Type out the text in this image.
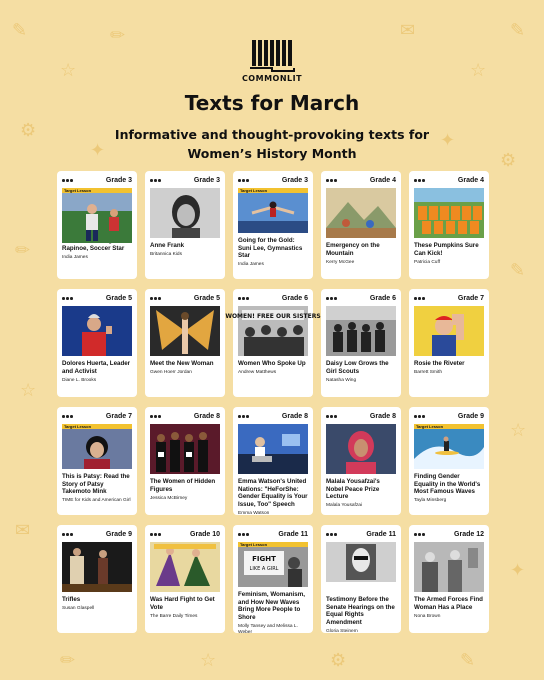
✎
☆
✏
⚙
✦
✉
☆
✎
✦
⚙
✏
☆
✉
✎
☆
✦
✏	☆	⚙	✎
COMMONLIT
Texts for March
Informative and thought-provoking texts for
Women’s History Month
Grade 3
Target Lesson
Rapinoe, Soccer Star
India James
Grade 3
Anne Frank
Britannica Kids
Grade 3
Target Lesson
Going for the Gold: Suni Lee, Gymnastics Star
India James
Grade 4
Emergency on the Mountain
Kerry McGee
Grade 4
These Pumpkins Sure Can Kick!
Patricia Cuff
Grade 5
Dolores Huerta, Leader and Activist
Diane L. Brooks
Grade 5
Meet the New Woman
Gwen Hoerr Jordan
Grade 6
WOMEN! FREE OUR SISTERS
Women Who Spoke Up
Andrew Matthews
Grade 6
Daisy Low Grows the Girl Scouts
Natasha Wing
Grade 7
Rosie the Riveter
Barrett Smith
Grade 7
Target Lesson
This is Patsy: Read the Story of Patsy Takemoto Mink
TIME for Kids and American Girl
Grade 8
The Women of Hidden Figures
Jessica McBirney
Grade 8
Emma Watson's United Nations: "HeForShe: Gender Equality is Your Issue, Too" Speech
Emma Watson
Grade 8
Malala Yousafzai's Nobel Peace Prize Lecture
Malala Yousafzai
Grade 9
Target Lesson
Finding Gender Equality in the World's Most Famous Waves
Tayla Minsberg
Grade 9
Trifles
Susan Glaspell
Grade 10
Was Hard Fight to Get Vote
The Barre Daily Times
Grade 11
Target Lesson
FIGHT
LIKE A GIRL
Feminism, Womanism, and How New Waves Bring More People to Shore
Molly Tansey and Melissa L. Weber
Grade 11
Testimony Before the Senate Hearings on the Equal Rights Amendment
Gloria Steinem
Grade 12
The Armed Forces Find Woman Has a Place
Nona Brown
